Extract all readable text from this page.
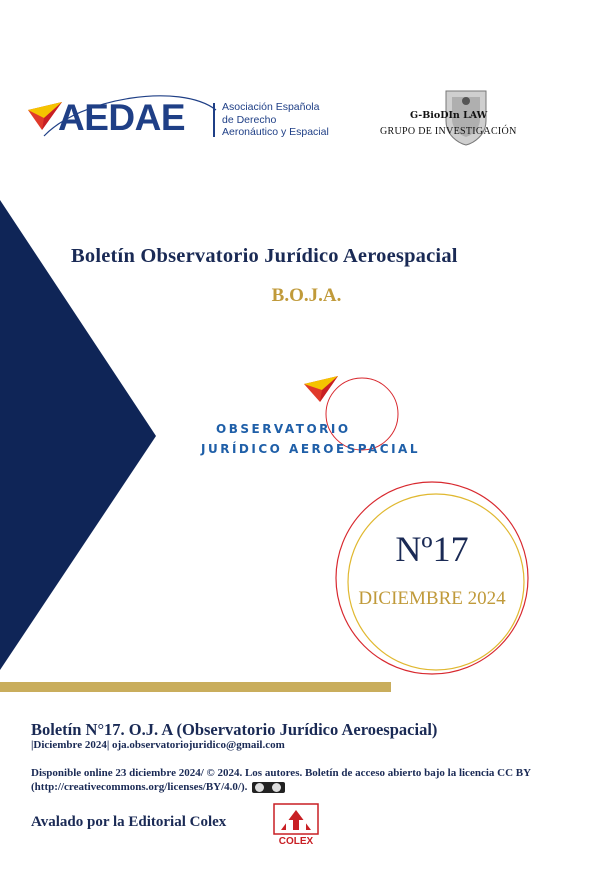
AEDAE	Asociación Española
de Derecho
Aeronáutico y Espacial
G-BioDIn LAW
GRUPO DE INVESTIGACIÓN
Boletín Observatorio Jurídico Aeroespacial
B.O.J.A.
OBSERVATORIO
JURÍDICO AEROESPACIAL
Nº17
DICIEMBRE 2024
Boletín N°17. O.J. A (Observatorio Jurídico Aeroespacial)
|Diciembre 2024| oja.observatoriojuridico@gmail.com
Disponible online 23 diciembre 2024/ © 2024. Los autores. Boletín de acceso abierto bajo la licencia CC BY (http://creativecommons.org/licenses/BY/4.0/).
Avalado por la Editorial Colex
COLEX
